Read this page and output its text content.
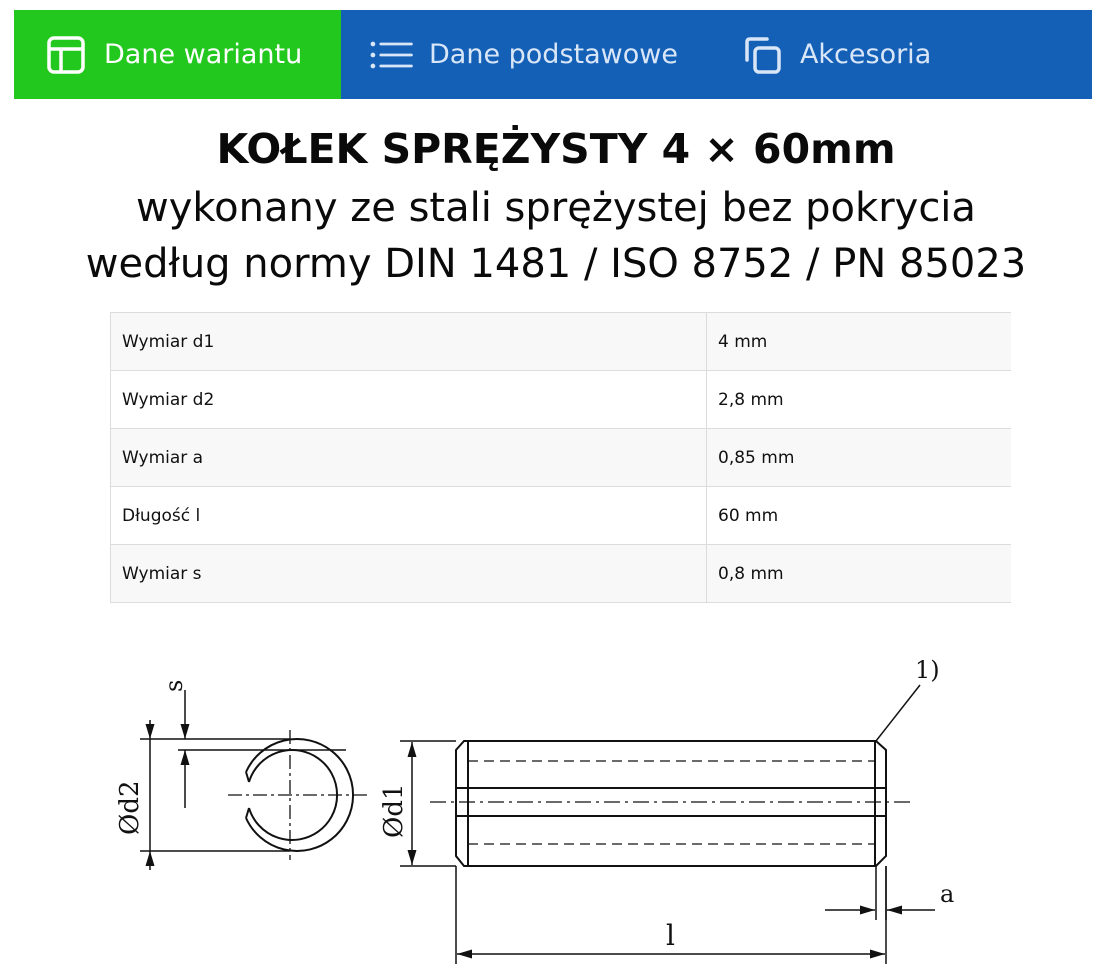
Dane wariantu	Dane podstawowe	Akcesoria
KOŁEK SPRĘŻYSTY 4 × 60mm
wykonany ze stali sprężystej bez pokrycia
według normy DIN 1481 / ISO 8752 / PN 85023
Wymiar d1	4 mm
Wymiar d2	2,8 mm
Wymiar a	0,85 mm
Długość l	60 mm
Wymiar s	0,8 mm
Ød2
s
Ød1
1)
a
l
